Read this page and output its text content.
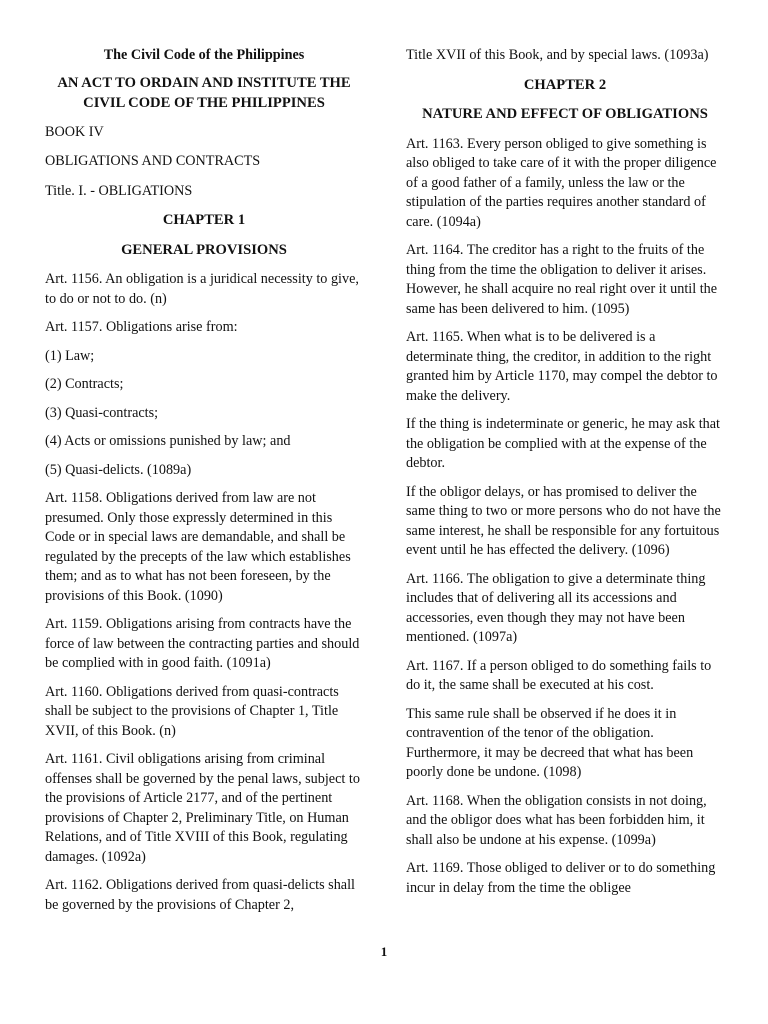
The Civil Code of the Philippines

AN ACT TO ORDAIN AND INSTITUTE THE CIVIL CODE OF THE PHILIPPINES

BOOK IV

OBLIGATIONS AND CONTRACTS

Title. I. - OBLIGATIONS

CHAPTER 1

GENERAL PROVISIONS

Art. 1156. An obligation is a juridical necessity to give, to do or not to do. (n)

Art. 1157. Obligations arise from:

(1) Law;

(2) Contracts;

(3) Quasi-contracts;

(4) Acts or omissions punished by law; and

(5) Quasi-delicts. (1089a)

Art. 1158. Obligations derived from law are not presumed. Only those expressly determined in this Code or in special laws are demandable, and shall be regulated by the precepts of the law which establishes them; and as to what has not been foreseen, by the provisions of this Book. (1090)

Art. 1159. Obligations arising from contracts have the force of law between the contracting parties and should be complied with in good faith. (1091a)

Art. 1160. Obligations derived from quasi-contracts shall be subject to the provisions of Chapter 1, Title XVII, of this Book. (n)

Art. 1161. Civil obligations arising from criminal offenses shall be governed by the penal laws, subject to the provisions of Article 2177, and of the pertinent provisions of Chapter 2, Preliminary Title, on Human Relations, and of Title XVIII of this Book, regulating damages. (1092a)

Art. 1162. Obligations derived from quasi-delicts shall be governed by the provisions of Chapter 2,

Title XVII of this Book, and by special laws. (1093a)

CHAPTER 2

NATURE AND EFFECT OF OBLIGATIONS

Art. 1163. Every person obliged to give something is also obliged to take care of it with the proper diligence of a good father of a family, unless the law or the stipulation of the parties requires another standard of care. (1094a)

Art. 1164. The creditor has a right to the fruits of the thing from the time the obligation to deliver it arises. However, he shall acquire no real right over it until the same has been delivered to him. (1095)

Art. 1165. When what is to be delivered is a determinate thing, the creditor, in addition to the right granted him by Article 1170, may compel the debtor to make the delivery.

If the thing is indeterminate or generic, he may ask that the obligation be complied with at the expense of the debtor.

If the obligor delays, or has promised to deliver the same thing to two or more persons who do not have the same interest, he shall be responsible for any fortuitous event until he has effected the delivery. (1096)

Art. 1166. The obligation to give a determinate thing includes that of delivering all its accessions and accessories, even though they may not have been mentioned. (1097a)

Art. 1167. If a person obliged to do something fails to do it, the same shall be executed at his cost.

This same rule shall be observed if he does it in contravention of the tenor of the obligation. Furthermore, it may be decreed that what has been poorly done be undone. (1098)

Art. 1168. When the obligation consists in not doing, and the obligor does what has been forbidden him, it shall also be undone at his expense. (1099a)

Art. 1169. Those obliged to deliver or to do something incur in delay from the time the obligee

1
